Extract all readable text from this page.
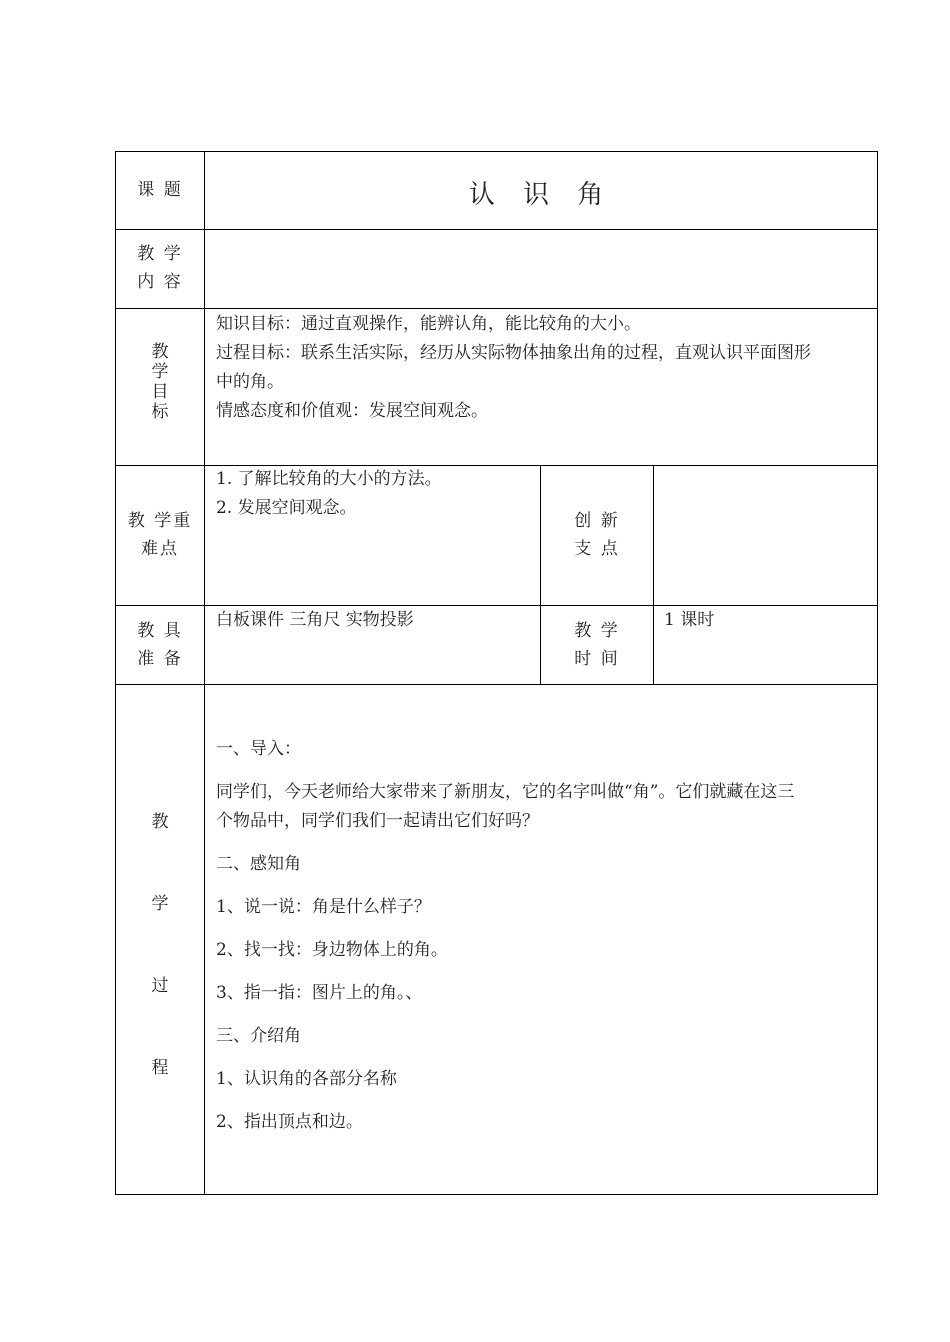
课 题	认 识 角
教 学
内 容
教
学
目
标
知识目标：通过直观操作，能辨认角，能比较角的大小。
过程目标：联系生活实际，经历从实际物体抽象出角的过程，直观认识平面图形
中的角。
情感态度和价值观：发展空间观念。
教 学重
难点
1. 了解比较角的大小的方法。
2. 发展空间观念。
创 新
支 点
教 具
准 备
白板课件 三角尺 实物投影
教 学
时 间
1 课时
教
学
过
程
一、导入：
同学们，今天老师给大家带来了新朋友，它的名字叫做“角”。它们就藏在这三
个物品中，同学们我们一起请出它们好吗？
二、感知角
1、说一说：角是什么样子？
2、找一找：身边物体上的角。
3、指一指：图片上的角。、
三、介绍角
1、认识角的各部分名称
2、指出顶点和边。
